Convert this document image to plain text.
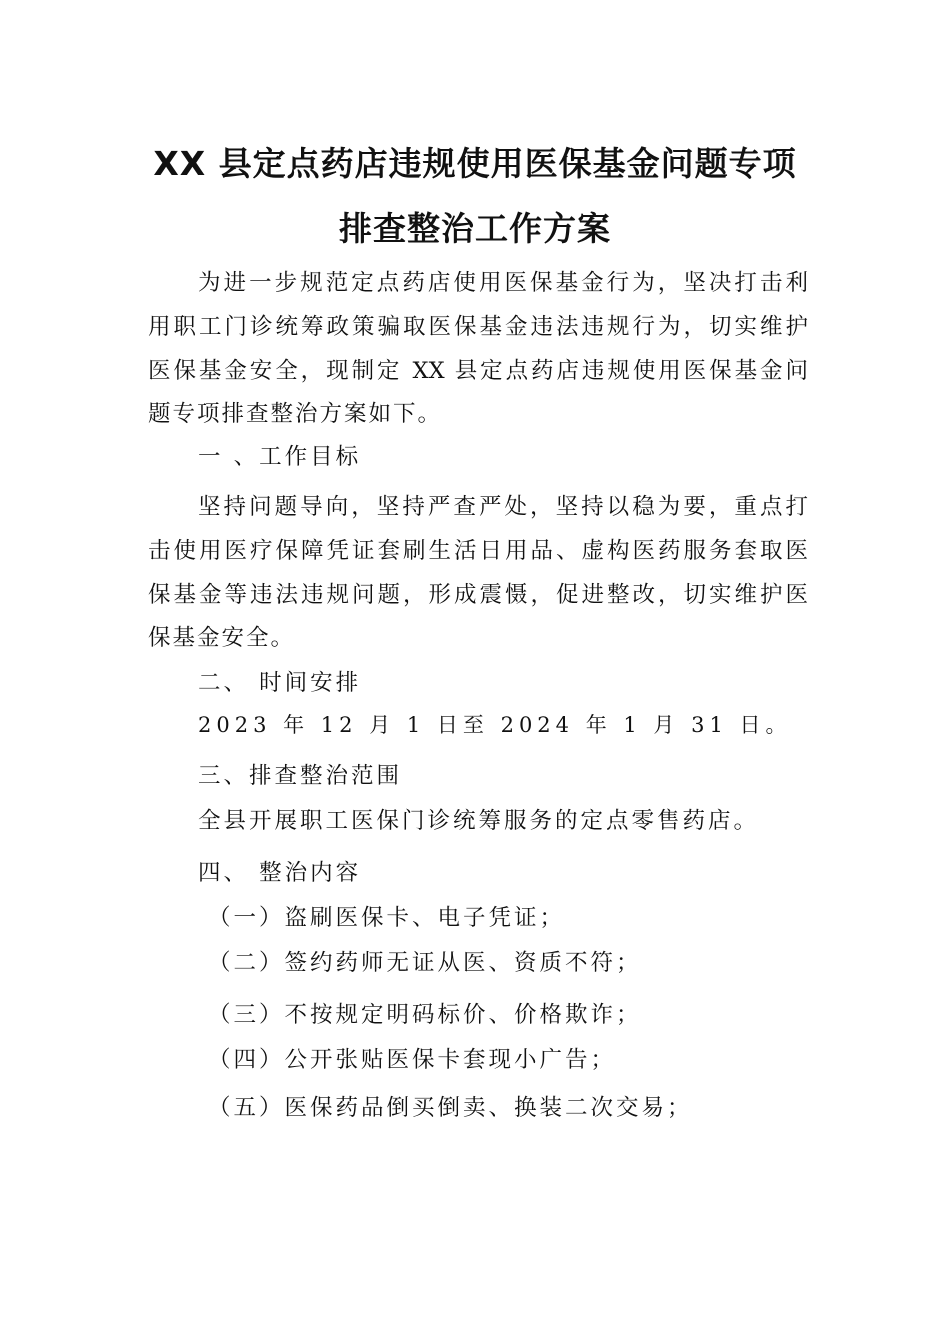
XX 县定点药店违规使用医保基金问题专项
排查整治工作方案
为进一步规范定点药店使用医保基金行为，坚决打击利
用职工门诊统筹政策骗取医保基金违法违规行为，切实维护
医保基金安全，现制定 XX 县定点药店违规使用医保基金问
题专项排查整治方案如下。
一 、工作目标
坚持问题导向，坚持严查严处，坚持以稳为要，重点打
击使用医疗保障凭证套刷生活日用品、虚构医药服务套取医
保基金等违法违规问题，形成震慑，促进整改，切实维护医
保基金安全。
二、 时间安排
2023 年 12 月 1 日至 2024 年 1 月 31 日。
三、排查整治范围
全县开展职工医保门诊统筹服务的定点零售药店。
四、 整治内容
（一）盗刷医保卡、电子凭证；
（二）签约药师无证从医、资质不符；
（三）不按规定明码标价、价格欺诈；
（四）公开张贴医保卡套现小广告；
（五）医保药品倒买倒卖、换装二次交易；
